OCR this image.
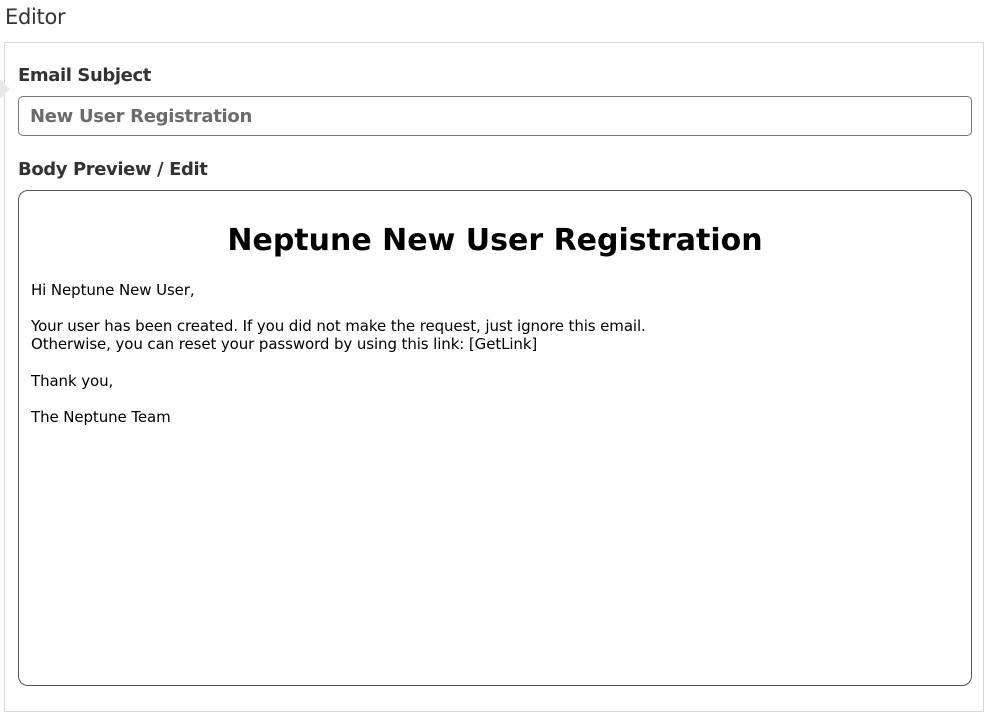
Editor
Email Subject
New User Registration
Body Preview / Edit
Neptune New User Registration

Hi Neptune New User,

Your user has been created. If you did not make the request, just ignore this email.

Otherwise, you can reset your password by using this link: [GetLink]

Thank you,

The Neptune Team
